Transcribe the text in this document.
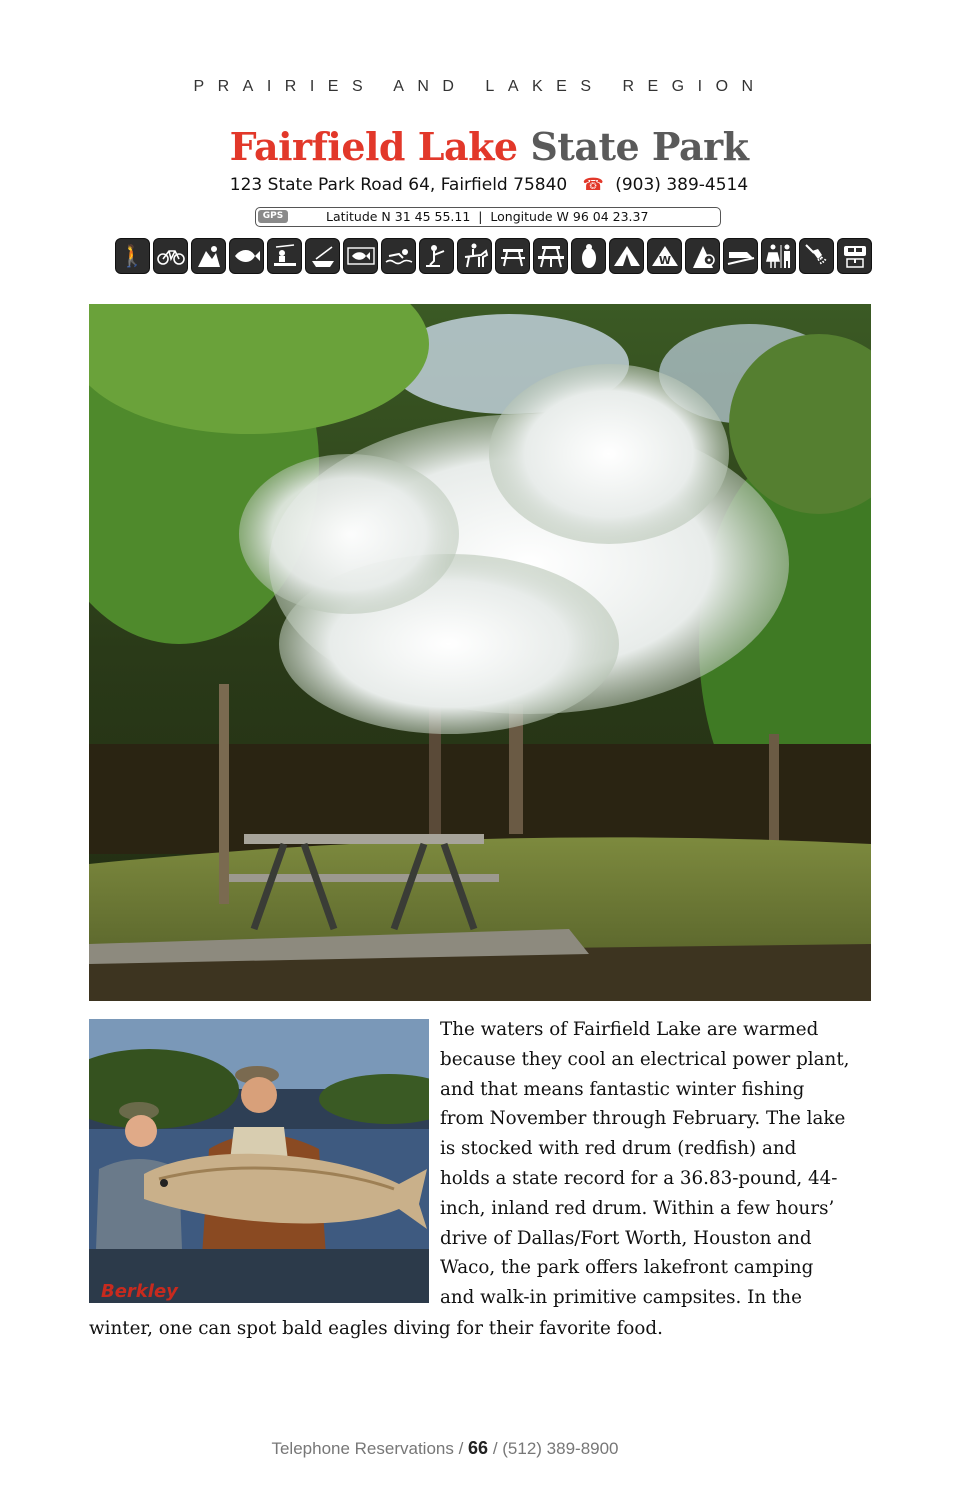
PRAIRIES AND LAKES REGION
Fairfield Lake State Park
123 State Park Road 64, Fairfield 75840 ☎ (903) 389-4514
GPS	Latitude N 31 45 55.11  |  Longitude W 96 04 23.37
🚶	W
Berkley
The waters of Fairfield Lake are warmed
because they cool an electrical power plant,
and that means fantastic winter fishing
from November through February. The lake
is stocked with red drum (redfish) and
holds a state record for a 36.83-pound, 44-
inch, inland red drum. Within a few hours’
drive of Dallas/Fort Worth, Houston and
Waco, the park offers lakefront camping
and walk-in primitive campsites. In the
winter, one can spot bald eagles diving for their favorite food.
Telephone Reservations / 66 / (512) 389-8900
